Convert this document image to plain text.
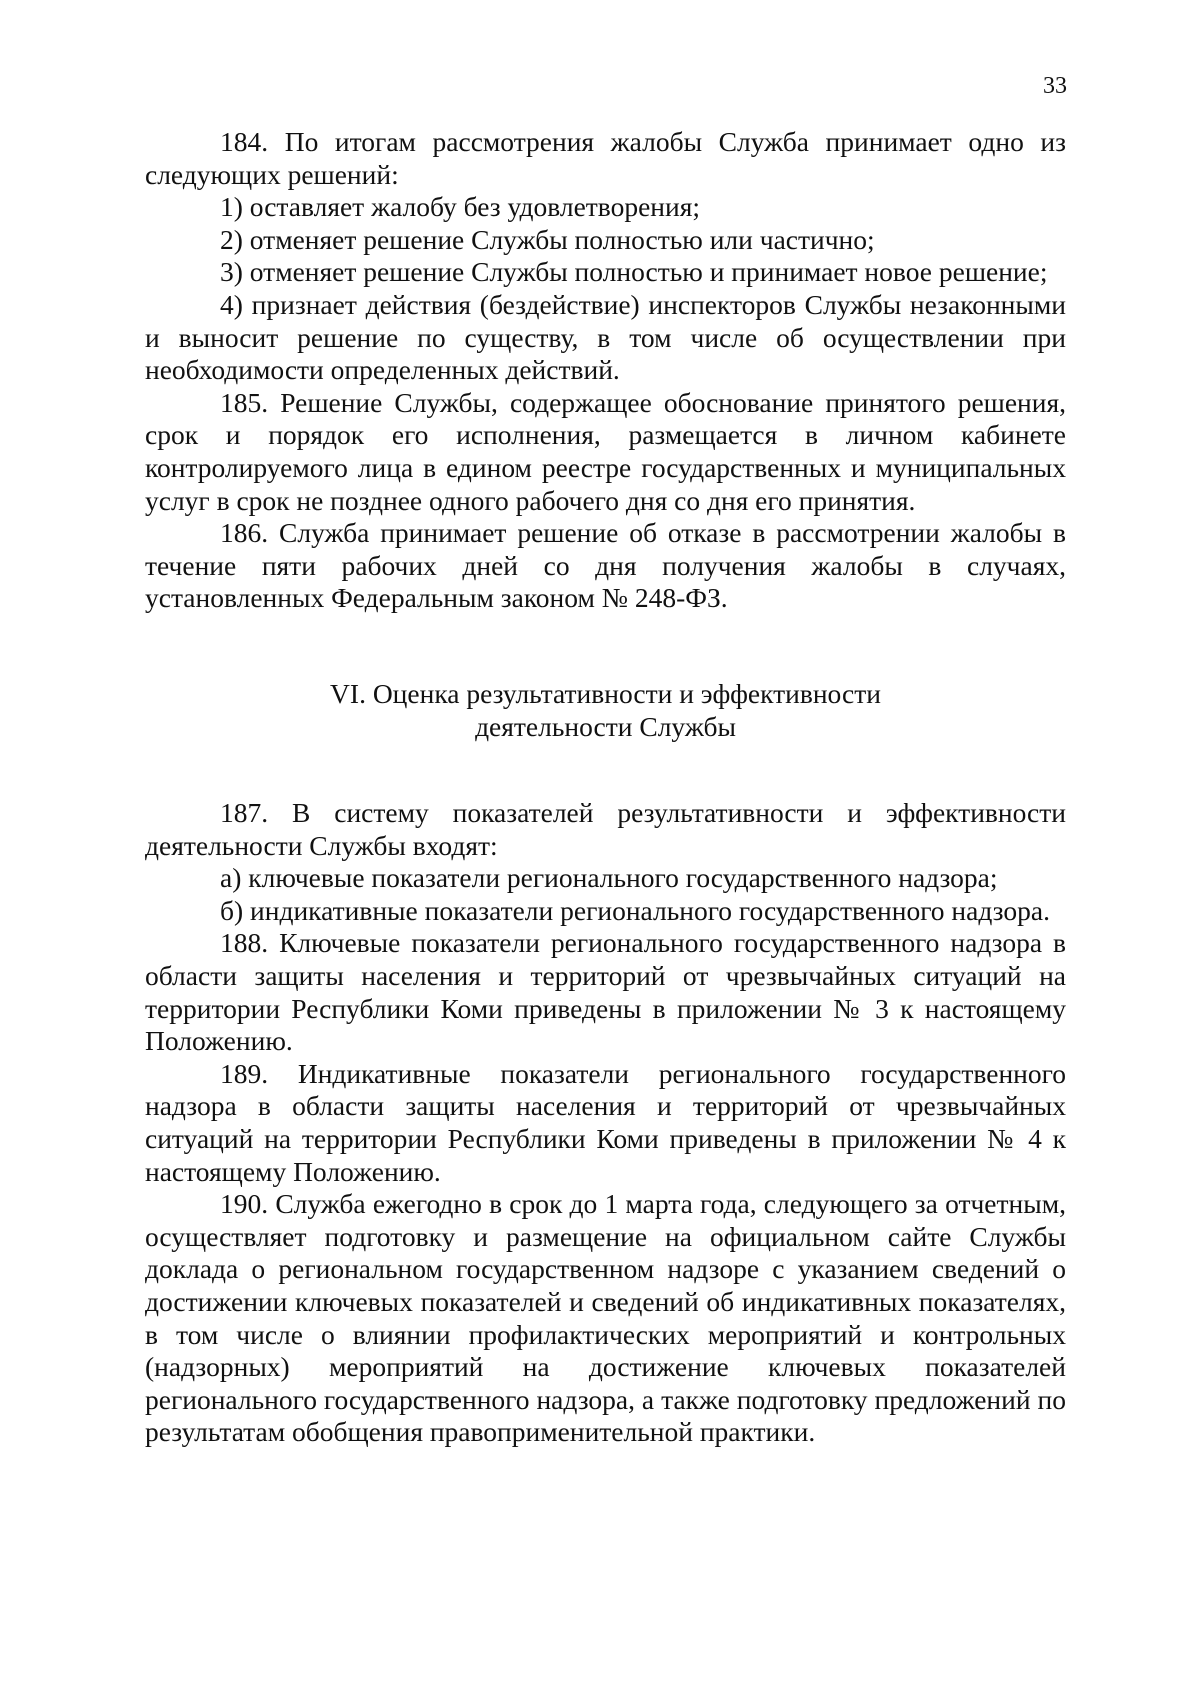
33

184. По итогам рассмотрения жалобы Служба принимает одно из следующих решений:

1) оставляет жалобу без удовлетворения;

2) отменяет решение Службы полностью или частично;

3) отменяет решение Службы полностью и принимает новое решение;

4) признает действия (бездействие) инспекторов Службы незаконными и выносит решение по существу, в том числе об осуществлении при необходимости определенных действий.

185. Решение Службы, содержащее обоснование принятого решения, срок и порядок его исполнения, размещается в личном кабинете контролируемого лица в едином реестре государственных и муниципальных услуг в срок не позднее одного рабочего дня со дня его принятия.

186. Служба принимает решение об отказе в рассмотрении жалобы в течение пяти рабочих дней со дня получения жалобы в случаях, установленных Федеральным законом № 248-ФЗ.

VI. Оценка результативности и эффективности
деятельности Службы

187. В систему показателей результативности и эффективности деятельности Службы входят:

а) ключевые показатели регионального государственного надзора;

б) индикативные показатели регионального государственного надзора.

188. Ключевые показатели регионального государственного надзора в области защиты населения и территорий от чрезвычайных ситуаций на территории Республики Коми приведены в приложении № 3 к настоящему Положению.

189. Индикативные показатели регионального государственного надзора в области защиты населения и территорий от чрезвычайных ситуаций на территории Республики Коми приведены в приложении № 4 к настоящему Положению.

190. Служба ежегодно в срок до 1 марта года, следующего за отчетным, осуществляет подготовку и размещение на официальном сайте Службы доклада о региональном государственном надзоре с указанием сведений о достижении ключевых показателей и сведений об индикативных показателях, в том числе о влиянии профилактических мероприятий и контрольных (надзорных) мероприятий на достижение ключевых показателей регионального государственного надзора, а также подготовку предложений по результатам обобщения правоприменительной практики.
